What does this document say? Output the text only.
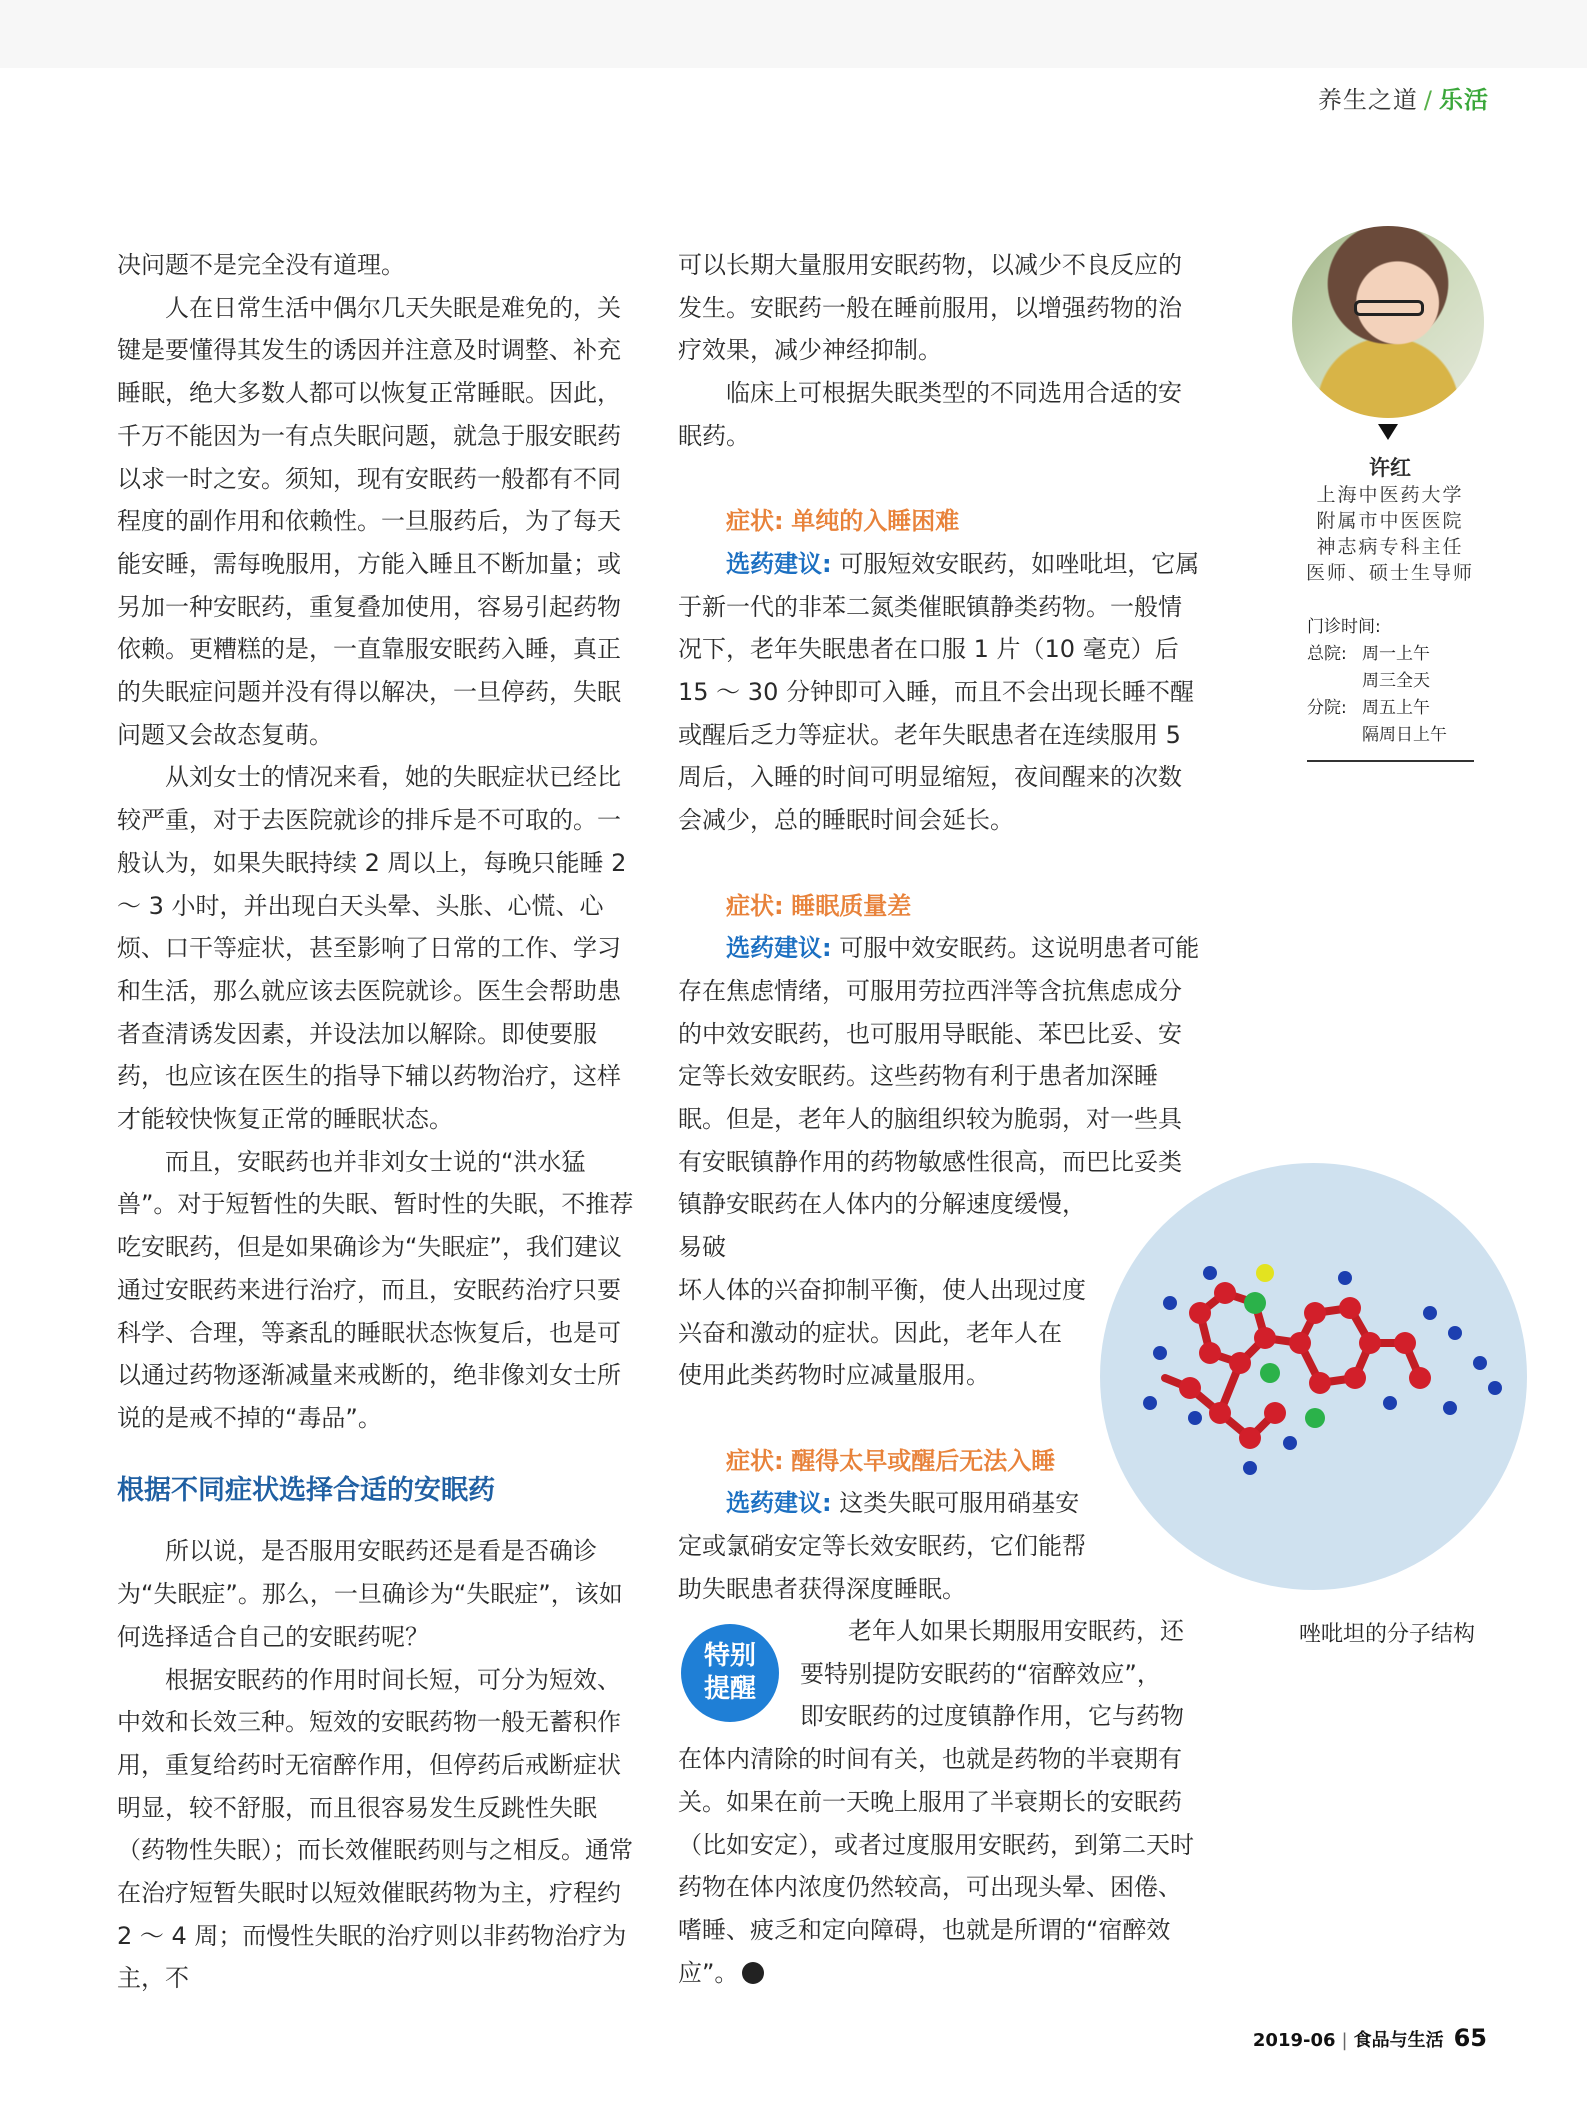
养生之道 / 乐活

决问题不是完全没有道理。

人在日常生活中偶尔几天失眠是难免的，关键是要懂得其发生的诱因并注意及时调整、补充睡眠，绝大多数人都可以恢复正常睡眠。因此，千万不能因为一有点失眠问题，就急于服安眠药以求一时之安。须知，现有安眠药一般都有不同程度的副作用和依赖性。一旦服药后，为了每天能安睡，需每晚服用，方能入睡且不断加量；或另加一种安眠药，重复叠加使用，容易引起药物依赖。更糟糕的是，一直靠服安眠药入睡，真正的失眠症问题并没有得以解决，一旦停药，失眠问题又会故态复萌。

从刘女士的情况来看，她的失眠症状已经比较严重，对于去医院就诊的排斥是不可取的。一般认为，如果失眠持续 2 周以上，每晚只能睡 2 ～ 3 小时，并出现白天头晕、头胀、心慌、心烦、口干等症状，甚至影响了日常的工作、学习和生活，那么就应该去医院就诊。医生会帮助患者查清诱发因素，并设法加以解除。即使要服药，也应该在医生的指导下辅以药物治疗，这样才能较快恢复正常的睡眠状态。

而且，安眠药也并非刘女士说的“洪水猛兽”。对于短暂性的失眠、暂时性的失眠，不推荐吃安眠药，但是如果确诊为“失眠症”，我们建议通过安眠药来进行治疗，而且，安眠药治疗只要科学、合理，等紊乱的睡眠状态恢复后，也是可以通过药物逐渐减量来戒断的，绝非像刘女士所说的是戒不掉的“毒品”。

根据不同症状选择合适的安眠药

所以说，是否服用安眠药还是看是否确诊为“失眠症”。那么，一旦确诊为“失眠症”，该如何选择适合自己的安眠药呢？

根据安眠药的作用时间长短，可分为短效、中效和长效三种。短效的安眠药物一般无蓄积作用，重复给药时无宿醉作用，但停药后戒断症状明显，较不舒服，而且很容易发生反跳性失眠（药物性失眠）；而长效催眠药则与之相反。通常在治疗短暂失眠时以短效催眠药物为主，疗程约 2 ～ 4 周；而慢性失眠的治疗则以非药物治疗为主，不

可以长期大量服用安眠药物，以减少不良反应的发生。安眠药一般在睡前服用，以增强药物的治疗效果，减少神经抑制。

临床上可根据失眠类型的不同选用合适的安眠药。

症状: 单纯的入睡困难

选药建议: 可服短效安眠药，如唑吡坦，它属于新一代的非苯二氮类催眠镇静类药物。一般情况下，老年失眠患者在口服 1 片（10 毫克）后 15 ～ 30 分钟即可入睡，而且不会出现长睡不醒或醒后乏力等症状。老年失眠患者在连续服用 5 周后，入睡的时间可明显缩短，夜间醒来的次数会减少，总的睡眠时间会延长。

症状: 睡眠质量差

选药建议: 可服中效安眠药。这说明患者可能存在焦虑情绪，可服用劳拉西泮等含抗焦虑成分的中效安眠药，也可服用导眠能、苯巴比妥、安定等长效安眠药。这些药物有利于患者加深睡眠。但是，老年人的脑组织较为脆弱，对一些具有安眠镇静作用的药物敏感性很高，而巴比妥类

镇静安眠药在人体内的分解速度缓慢，易破

坏人体的兴奋抑制平衡，使人出现过度

兴奋和激动的症状。因此，老年人在

使用此类药物时应减量服用。

症状: 醒得太早或醒后无法入睡

选药建议: 这类失眠可服用硝基安

定或氯硝安定等长效安眠药，它们能帮

助失眠患者获得深度睡眠。

特别
提醒
老年人如果长期服用安眠药，还
要特别提防安眠药的“宿醉效应”，
即安眠药的过度镇静作用，它与药物
在体内清除的时间有关，也就是药物的半衰期有关。如果在前一天晚上服用了半衰期长的安眠药（比如安定），或者过度服用安眠药，到第二天时药物在体内浓度仍然较高，可出现头晕、困倦、嗜睡、疲乏和定向障碍，也就是所谓的“宿醉效应”。
许红
上海中医药大学
附属市中医医院
神志病专科主任
医师、硕士生导师
门诊时间:
总院: 周一上午
周三全天
分院: 周五上午
隔周日上午
唑吡坦的分子结构
2019-06 | 食品与生活 65
